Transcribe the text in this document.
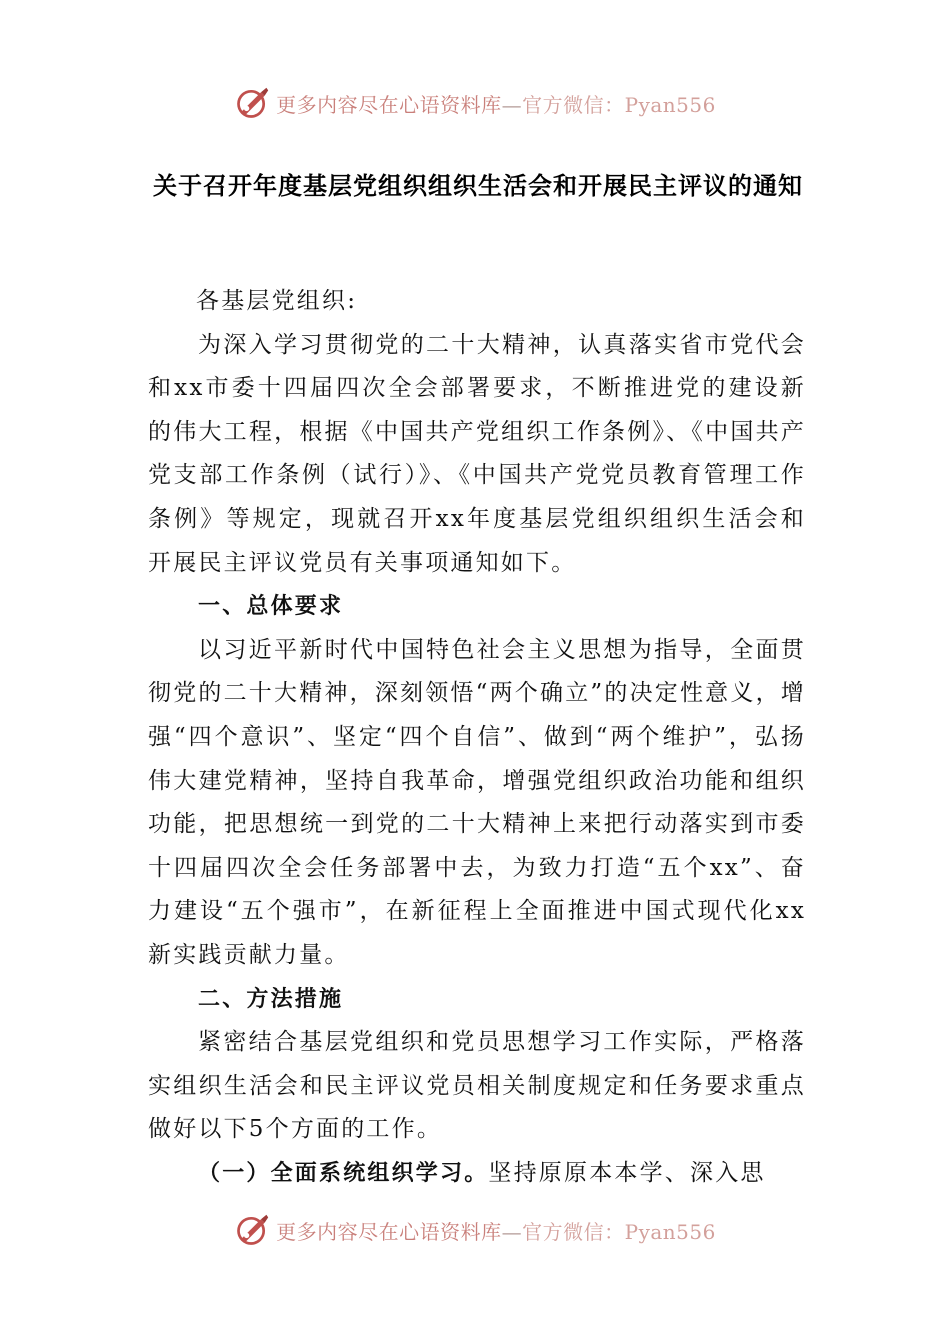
更多内容尽在心语资料库—官方微信：Pyan556
关于召开年度基层党组织组织生活会和开展民主评议的通知

各基层党组织:

为深入学习贯彻党的二十大精神，认真落实省市党代会和xx市委十四届四次全会部署要求，不断推进党的建设新的伟大工程，根据《中国共产党组织工作条例》、《中国共产党支部工作条例（试行）》、《中国共产党党员教育管理工作条例》等规定，现就召开xx年度基层党组织组织生活会和开展民主评议党员有关事项通知如下。

一、总体要求

以习近平新时代中国特色社会主义思想为指导，全面贯彻党的二十大精神，深刻领悟“两个确立”的决定性意义，增强“四个意识”、坚定“四个自信”、做到“两个维护”，弘扬伟大建党精神，坚持自我革命，增强党组织政治功能和组织功能，把思想统一到党的二十大精神上来把行动落实到市委十四届四次全会任务部署中去，为致力打造“五个xx”、奋力建设“五个强市”，在新征程上全面推进中国式现代化xx新实践贡献力量。

二、方法措施

紧密结合基层党组织和党员思想学习工作实际，严格落实组织生活会和民主评议党员相关制度规定和任务要求重点做好以下5个方面的工作。

（一）全面系统组织学习。坚持原原本本学、深入思

更多内容尽在心语资料库—官方微信：Pyan556
